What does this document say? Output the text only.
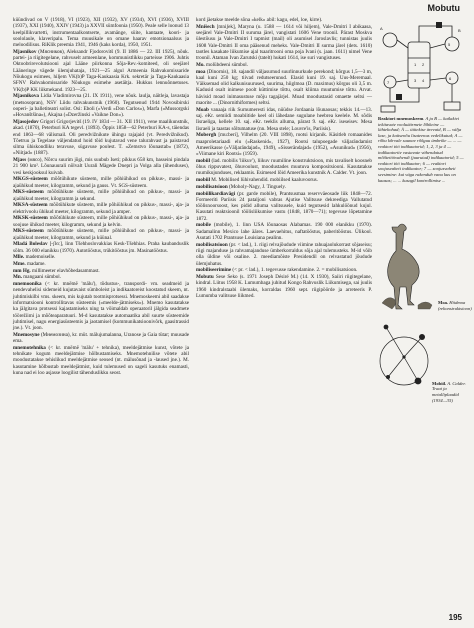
Mobutu

küündivad on V (1918), VI (1923), XII (1932), XV (1934), XVI (1936), XVIII (1937), XXI (1940), XXIV (1943) ja XXVII sümfoonia (1950). Peale selle loonud 13 keelpillikvartetti, instrumentaalkontserte, avamänge, süite, kantaate, koori- ja soololaule, klaveripalu. Tema muusikale on omane haarav emotsionaalsus ja meloodilisus. RiKlik preemia 1941, 1946 (kaks korda), 1950, 1951.

Mjasnikov (Мясников), Aleksandr Fjodorovitš (9. II 1886 — 22. III 1925), nõuk. partei- ja riigitegelane, rahvuselt armeenlane, kommunistlikku parteisse 1906. Juhtis Oktoobrirevolutsiooni ajal Lääne piirkonna Sõja-Rev.-komiteed, oli seejärel Lääneringe vägede ülemjuhataja, 1921—25 algul Armeenia Rahvakomissaride Nõukogu esimees, hiljem VK(b)P Taga-Kaukaasia Krk. sekretär ja Taga-Kaukaasia SFNV Rahvakomissaride Nõukogu esimehe asetäitja. Hukkus lennuõnnetuses. VK(b)P KK liikmekand. 1923—25.

Mjasnikova Lidia Vladimirovna (21. IX 1911), vene nõuk. laulja, näitleja, lavastaja (metsosopran), NSV Liidu rahvakunstnik (1960). Tegutsenud 1944 Novosibirski ooperi- ja balletiteatri solist. Osi: Eboli («Verdi «Don Carlos»), Marfa («Mussorgski «Hovanštšina»), Akajna («Dzeržinski «Vaikne Don»).

Mjasojedov Grigori Grigorjevitš (19. IV 1834 — 31. XII 1911), vene maalikunstnik, akad. (1870), Peterburi KA tegevl. (1893). Õppis 1858—62 Peterburi KA-s, täiendas end 1863—68 välismail. Oli peredvižnikute ühingu rajajaid (vt. Peredvižnikud). Tõetruu ja Tegelase väljendatud hoid tõid kujutavad vene talurahvast ja paistavad silma ühiskondliku teravuse, sügavuse poolest. T. «Zemstvo lõunastab» (1872), «Niitjad» (1887).

Mjass (мясо), Nõrcu suurim jõgi, mis suubub Iseti; pikkus 658 km, basseini pindala 21 900 km². Lõunauurali nõlvalt Uurali Mägede Dnepri ja Volga alla (ühenduses), vesi keskjooksul kuivab.

MKGS-süsteem mõõtühikute süsteem, mille põhiühikud on pikkus-, massi- ja ajaühikud meeter, kilogramm, sekund ja gauss. Vt. SGS-süsteem.

MKS-süsteem mõõtühikute süsteem, mille põhiühikud on pikkus-, massi- ja ajaühikud meeter, kilogramm ja sekund.

MKSA-süsteem mõõtühikute süsteem, mille põhiühikud on pikkus-, massi-, aja- ja elektrivoolu ühikud meeter, kilogramm, sekund ja amper.

MKSK-süsteem mõõtühikute süsteem, mille põhiühikud on pikkus-, massi-, aja- ja soojuse ühikud meeter, kilogramm, sekund ja kelvin.

MKS-süsteem mõõtühikute süsteem, mille põhiühikud on pikkus-, massi- ja ajaühikud meeter, kilogramm, sekund ja küünal.

Mladá Boleslav [-ʃlɑː], linn Tšehhoslovakkias Kesk-Tšehhias. Praha kaubanduslik sõlm. 36 000 elanikku (1970). Autotööstus, trükitööstus jm. Masinatööstus.

Mlle. mademoiselle.

Mme. madame.

mm Hg. millimeeter elavhõbedasammast.

Mn. mangaani sümbol.

mnemoonika (< kr. mnēmē 'mälu'), tõdustus-, transpordi- vm. seadmeid ja nendevahelisi sidemeid kujutavaist sümboleist ja indikaatoreist koostatud skeem, nt. juhtimiskilbi vms. skeem, mis kujutab tootmisprotsessi. Mnemoskeemi abil saadakse informatsiooni kontrollitavas süsteemis («meelde-jätmiseks»). Mnemo kasutatakse ka jälgitava protsessi kajastamiseks ning ta võimaldab operaatoril jälgida seadmete töörežiimi ja mõõteaparatuuri. M-d kasutatakse automaatika abil suurte süsteemide juhtimisel, nagu energiasüsteemis ja jaotamisel (kommunikatsioonivõrk, gaasitrassid jne.). Vt. joon.

Mnemosyne (Мнемозина), kr. müt. mälujumalanna, Uranose ja Gaia tütar; muusade ema.

mnemotehnika (< kr. mnēmē 'mälu' + tehnika), meeldejätmise kunst, võtete ja tehnikate kogum meeldejätmise hõlbustamiseks. Mnemotehnilise võtete abil moodustatakse tehislikud meeldejätmise seosed (nt. mälusõnad ja -laused jne.). M. kasutamine hõlbustab meeldejätmist, kuid tulemused on sageli kasutuks enamasti, kuna nad ei loo asjasse loogilist tähenduslikku seost.

kord jäetakse meelde sõna «kelk» abil: kagu, edel, loe, kirre).

Mnišech [mniʃek], Maryna (u. 1588 — 1614 või hiljem), Vale-Dmitri I abikaasa, seejärel Vale-Dmitri II suruma järel, vangistati 1606 Vene troonil. Pärast Moskva ülestõusu ja Vale-Dmitri I tapmist (mail) oli asumisel Jaroslavlis; tunnistas juulis 1608 Vale-Dmitri II oma pääsenud meheks. Vale-Dmitri II surma järel (dets. 1610) taotles kasakate liikumise ajal tsaaritrooni oma poja Ivani (s. jaan. 1611) nimel Vene troonil. Ataman Ivan Zarutski (tatelt) hukati 1614, ise suri vangistuses.

Mo. molübdeeni sümbol.

moa (Dinornis), 18. sajandil väljasurnud suurlinnurkude perekond; kõrgus 1,5—3 m, kaal kuni 250 kg; tiivad redutseerunud. Elasid kuni 19. saj. Uus-Meremaal. Väiksemad olid kalkunisuurused, suurima, hiiglmoa (D. maximus) kõrgus oli 3,5 m. Kadusid osalt inimese poolt küttimise tõttu, osalt kliima muutumise tõttu. Arvat. hävisid moad inimasustuse mõju tagajärjel. Moad moodustasid omaette seltsi — maorite ... (Dinornithiformes) seltsi.

Moab vanaaja riik Surnumeresti idas, nüüdse Jordaania lõunaosas; tekkis 14.—13. saj. eKr. semiidi moabiitide keel oli lähedane sugulane heebrea keelele. M. sõdis Iisraeliga, kellele 10. saj. eKr. teeklis alluma, pärast 9. saj. eKr. iseseisev. Mesa Iisraeli ja taastas sõltumatuse (nn. Mesa stele; Louvre'is, Pariisis).

Mobergh [mu:beri], Vilhelm (20. VIII 1898), rootsi kirjanik. Käsitleb romaanides maaproletariaadi elu («Raskenid», 1927), Rootsi talupoegade väljarändamist Ameerikasse («Väljarändajad», 1949), «Sisserändajad» (1952), «Asunikud» (1956), «Viimane kiri Rootsi» (1959).

mobiil (lad. mobilis 'liikuv'), liikuv ruumiline konstruktsioon, mis tavaliselt koosneb õhus rippuvatest, õhuvoolust, moodustades muutuva kompositsiooni. Kasutatakse ruumikujunduses, reklaamis. Esimesed lõid Ameerika kunstnik A. Calder. Vt. joon.

mobiil M. Mobilised lühivahendid. mobiilsed kaaluvoorus.

mobilisatsioon (Moholy-Nagy, J. Tinguely.

mobiilikardiavägi (pr. garde mobile), Prantsusmaa reservväeosade liik 1848—72. Formeeriti Pariisis 24 pataljoni vabras Ajutise Valitsuse dekreediga Vallutatud töölisnoorsoost, kes pidid alluma valitsusele, kuid tegutsesid lahkulöönud kujul. Kasutati reaktsioonil töölisliikumise vastu (1848, 1870—71); tegevuse lõpetamine 1872.

mobile (mobile), 1. linn USA lõunaosas Alabamas. 190 000 elanikku (1970). Sadamalinn Mexico lahe ääres. Laevaehitus, naftatööstus, paberitööstus. Ülikool. Asutati 1702 Prantsuse Louisiana pealinn.

mobilisatsioon (pr. < lad.), 1. riigi relvajõudude viimine rahuajaolukorrast sõjaseisu; riigi majanduse ja rahvamajanduse ümberkorraldus sõja ajal tulemusteks. M-id võib olla üldine või osaline. 2. meediamõiste Presidendil on relvastatud jõudude ülemjuhatus.

mobiliseerimine (< pr. < lad.), 1. tegevusse rakendamine. 2. = mobilisatsioon.

Mobutu Sese Seko (s. 1971 Joseph Désiré M.) (14. X 1930), Saiiri riigitegelane, kindral. Liitus 1958 K. Lumumbaga juhitud Kongo Rahvuslik Liikumisega, sai juulis 1960 kindralstaabi ülemaks, korraldas 1960 sept. riigipöörde ja arreteeris P. Lumumba valitsuse liikmed.

A	B
1 2
3 4
5
6
7
Reaktori mnemoskeem. A ja B — katlakivi tekitavate vooluäärmete lõhkeine — lähtekohad; Å — täitekise ärevaid, B — välja lase, ja kaitsenõu lisateenus vedelikutud; A — rõhu kõrvale suunav rõõguu ümbrike — ... — reaktori töö indikaatorid; 1, 2, 3 ja 4 — indikaatorite vastavate vähendatud mõõtetöövahendi (juurutud) indikaatorid; 5 — reaktori töö indikaator; 6 — reaktori soojusvaheti indikaator; 7 — soojusvaheti seestmine: kui väga rakendub vanu kus on kaasas; ... ... kusagil kontrollimise ...
Moa. Hiidmoa (rekonstruktsioon)
Mobiil. A. Calder. Traat ja metalliplaadid (1934—35)
195
